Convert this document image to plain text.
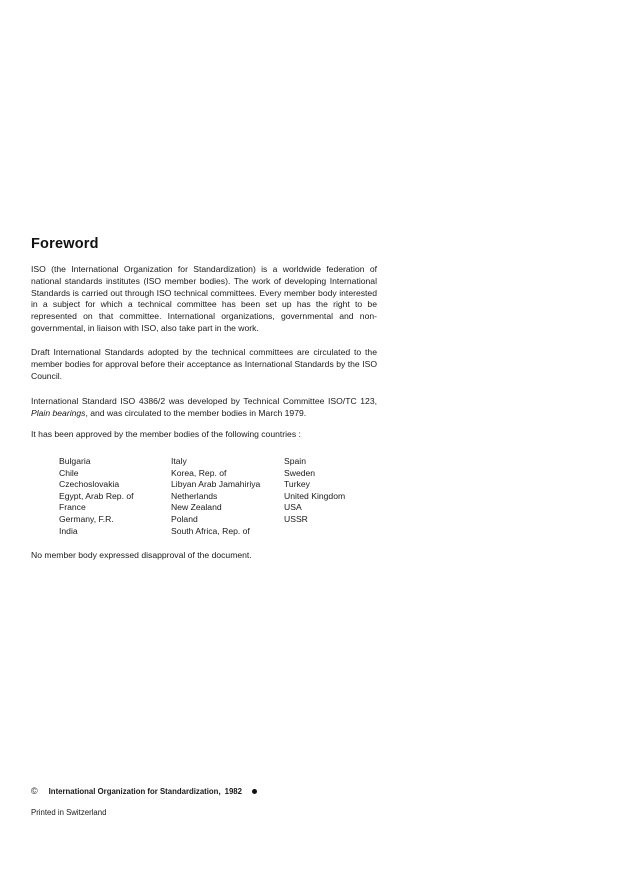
Foreword
ISO (the International Organization for Standardization) is a worldwide federation of national standards institutes (ISO member bodies). The work of developing International Standards is carried out through ISO technical committees. Every member body interested in a subject for which a technical committee has been set up has the right to be represented on that committee. International organizations, governmental and non-governmental, in liaison with ISO, also take part in the work.
Draft International Standards adopted by the technical committees are circulated to the member bodies for approval before their acceptance as International Standards by the ISO Council.
International Standard ISO 4386/2 was developed by Technical Committee ISO/TC 123, Plain bearings, and was circulated to the member bodies in March 1979.
It has been approved by the member bodies of the following countries :
Bulgaria
Chile
Czechoslovakia
Egypt, Arab Rep. of
France
Germany, F.R.
India
Italy
Korea, Rep. of
Libyan Arab Jamahiriya
Netherlands
New Zealand
Poland
South Africa, Rep. of
Spain
Sweden
Turkey
United Kingdom
USA
USSR
No member body expressed disapproval of the document.
© International Organization for Standardization, 1982
Printed in Switzerland
